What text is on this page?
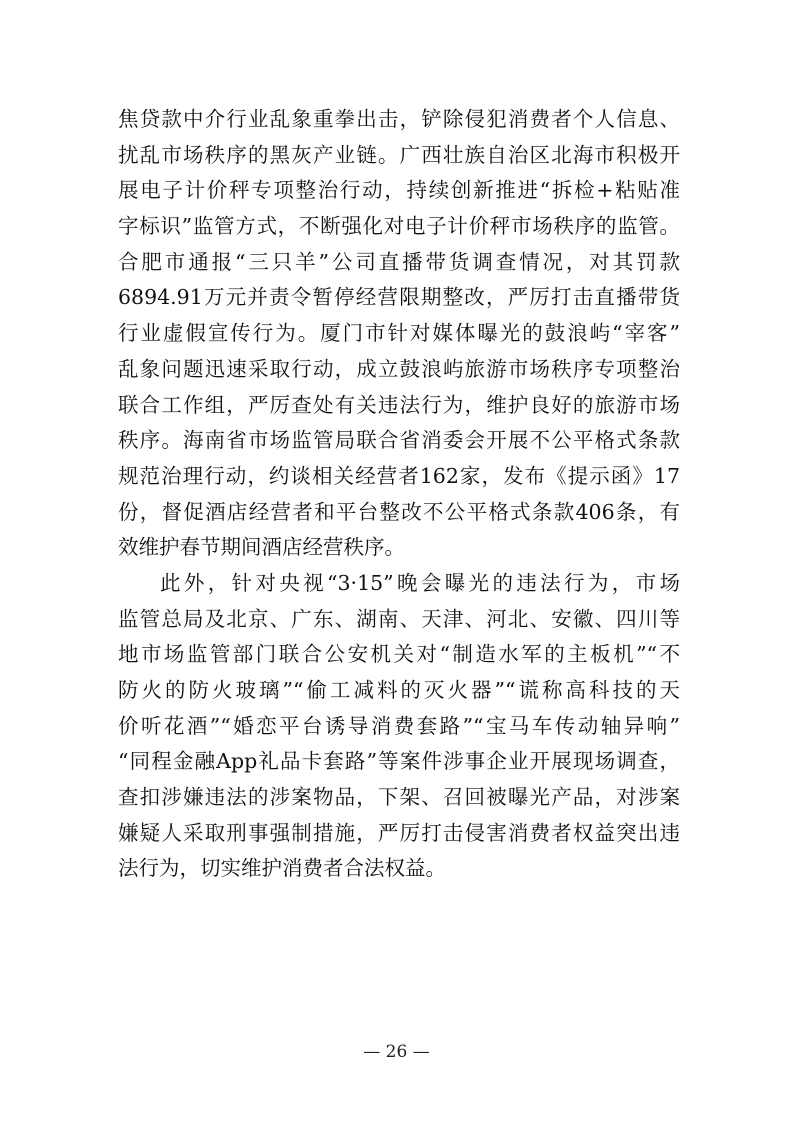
焦贷款中介行业乱象重拳出击，铲除侵犯消费者个人信息、
扰乱市场秩序的黑灰产业链。广西壮族自治区北海市积极开
展电子计价秤专项整治行动，持续创新推进“拆检+粘贴准
字标识”监管方式，不断强化对电子计价秤市场秩序的监管。
合肥市通报“三只羊”公司直播带货调查情况，对其罚款
6894.91万元并责令暂停经营限期整改，严厉打击直播带货
行业虚假宣传行为。厦门市针对媒体曝光的鼓浪屿“宰客”
乱象问题迅速采取行动，成立鼓浪屿旅游市场秩序专项整治
联合工作组，严厉查处有关违法行为，维护良好的旅游市场
秩序。海南省市场监管局联合省消委会开展不公平格式条款
规范治理行动，约谈相关经营者162家，发布《提示函》17
份，督促酒店经营者和平台整改不公平格式条款406条，有
效维护春节期间酒店经营秩序。
此外，针对央视“3·15”晚会曝光的违法行为，市场
监管总局及北京、广东、湖南、天津、河北、安徽、四川等
地市场监管部门联合公安机关对“制造水军的主板机”“不
防火的防火玻璃”“偷工减料的灭火器”“谎称高科技的天
价听花酒”“婚恋平台诱导消费套路”“宝马车传动轴异响”
“同程金融App礼品卡套路”等案件涉事企业开展现场调查，
查扣涉嫌违法的涉案物品，下架、召回被曝光产品，对涉案
嫌疑人采取刑事强制措施，严厉打击侵害消费者权益突出违
法行为，切实维护消费者合法权益。
— 26 —
